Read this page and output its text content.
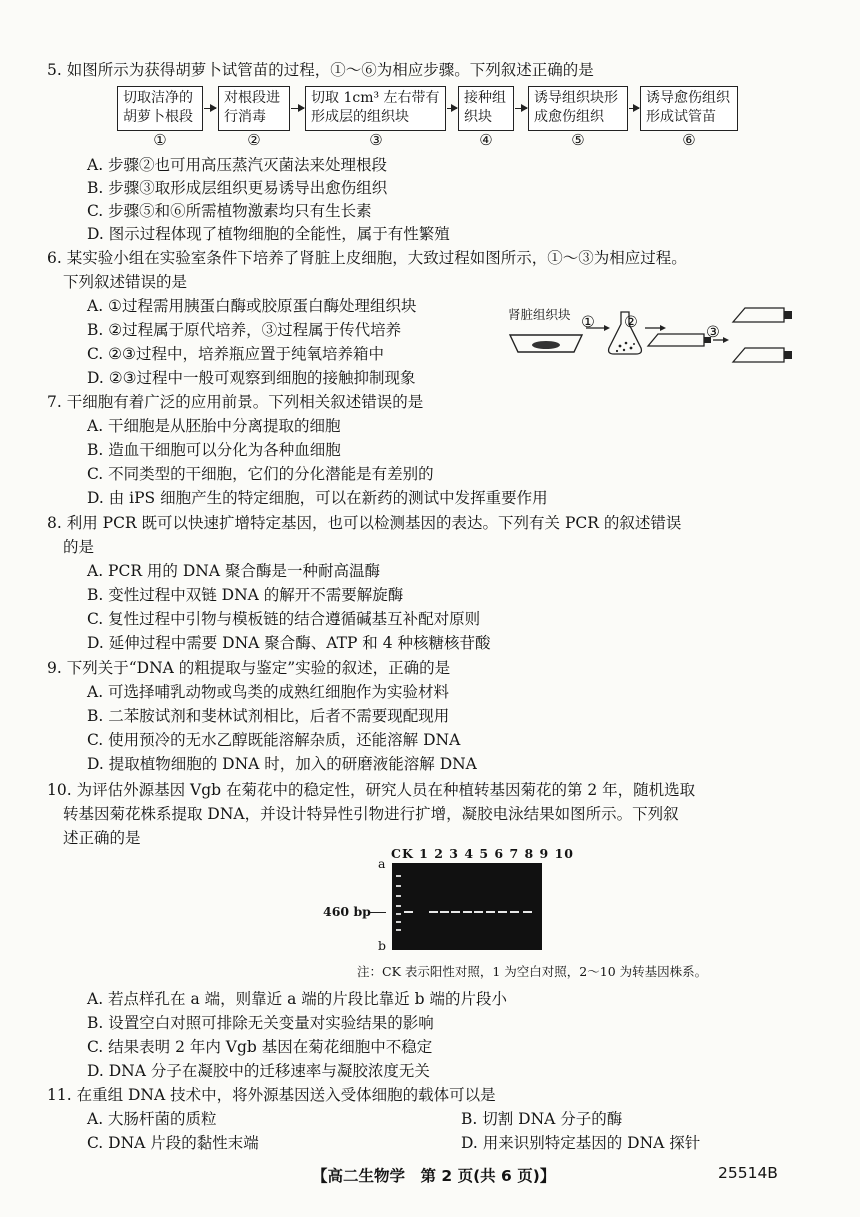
5. 如图所示为获得胡萝卜试管苗的过程，①～⑥为相应步骤。下列叙述正确的是
切取洁净的
胡萝卜根段
对根段进
行消毒
切取 1cm³ 左右带有
形成层的组织块
接种组
织块
诱导组织块形
成愈伤组织
诱导愈伤组织
形成试管苗
①	②	③	④	⑤	⑥
A. 步骤②也可用高压蒸汽灭菌法来处理根段
B. 步骤③取形成层组织更易诱导出愈伤组织
C. 步骤⑤和⑥所需植物激素均只有生长素
D. 图示过程体现了植物细胞的全能性，属于有性繁殖
6. 某实验小组在实验室条件下培养了肾脏上皮细胞，大致过程如图所示，①～③为相应过程。
下列叙述错误的是
A. ①过程需用胰蛋白酶或胶原蛋白酶处理组织块
B. ②过程属于原代培养，③过程属于传代培养
C. ②③过程中，培养瓶应置于纯氧培养箱中
D. ②③过程中一般可观察到细胞的接触抑制现象
肾脏组织块 ① ②
③
7. 干细胞有着广泛的应用前景。下列相关叙述错误的是
A. 干细胞是从胚胎中分离提取的细胞
B. 造血干细胞可以分化为各种血细胞
C. 不同类型的干细胞，它们的分化潜能是有差别的
D. 由 iPS 细胞产生的特定细胞，可以在新药的测试中发挥重要作用
8. 利用 PCR 既可以快速扩增特定基因，也可以检测基因的表达。下列有关 PCR 的叙述错误
的是
A. PCR 用的 DNA 聚合酶是一种耐高温酶
B. 变性过程中双链 DNA 的解开不需要解旋酶
C. 复性过程中引物与模板链的结合遵循碱基互补配对原则
D. 延伸过程中需要 DNA 聚合酶、ATP 和 4 种核糖核苷酸
9. 下列关于“DNA 的粗提取与鉴定”实验的叙述，正确的是
A. 可选择哺乳动物或鸟类的成熟红细胞作为实验材料
B. 二苯胺试剂和斐林试剂相比，后者不需要现配现用
C. 使用预冷的无水乙醇既能溶解杂质，还能溶解 DNA
D. 提取植物细胞的 DNA 时，加入的研磨液能溶解 DNA
10. 为评估外源基因 Vgb 在菊花中的稳定性，研究人员在种植转基因菊花的第 2 年，随机选取
转基因菊花株系提取 DNA，并设计特异性引物进行扩增，凝胶电泳结果如图所示。下列叙
述正确的是
CK 1 2 3 4 5 6 7 8 9 10
a
b
460 bp
注：CK 表示阳性对照，1 为空白对照，2～10 为转基因株系。
A. 若点样孔在 a 端，则靠近 a 端的片段比靠近 b 端的片段小
B. 设置空白对照可排除无关变量对实验结果的影响
C. 结果表明 2 年内 Vgb 基因在菊花细胞中不稳定
D. DNA 分子在凝胶中的迁移速率与凝胶浓度无关
11. 在重组 DNA 技术中，将外源基因送入受体细胞的载体可以是
A. 大肠杆菌的质粒	B. 切割 DNA 分子的酶
C. DNA 片段的黏性末端	D. 用来识别特定基因的 DNA 探针
【高二生物学　第 2 页(共 6 页)】	25514B
